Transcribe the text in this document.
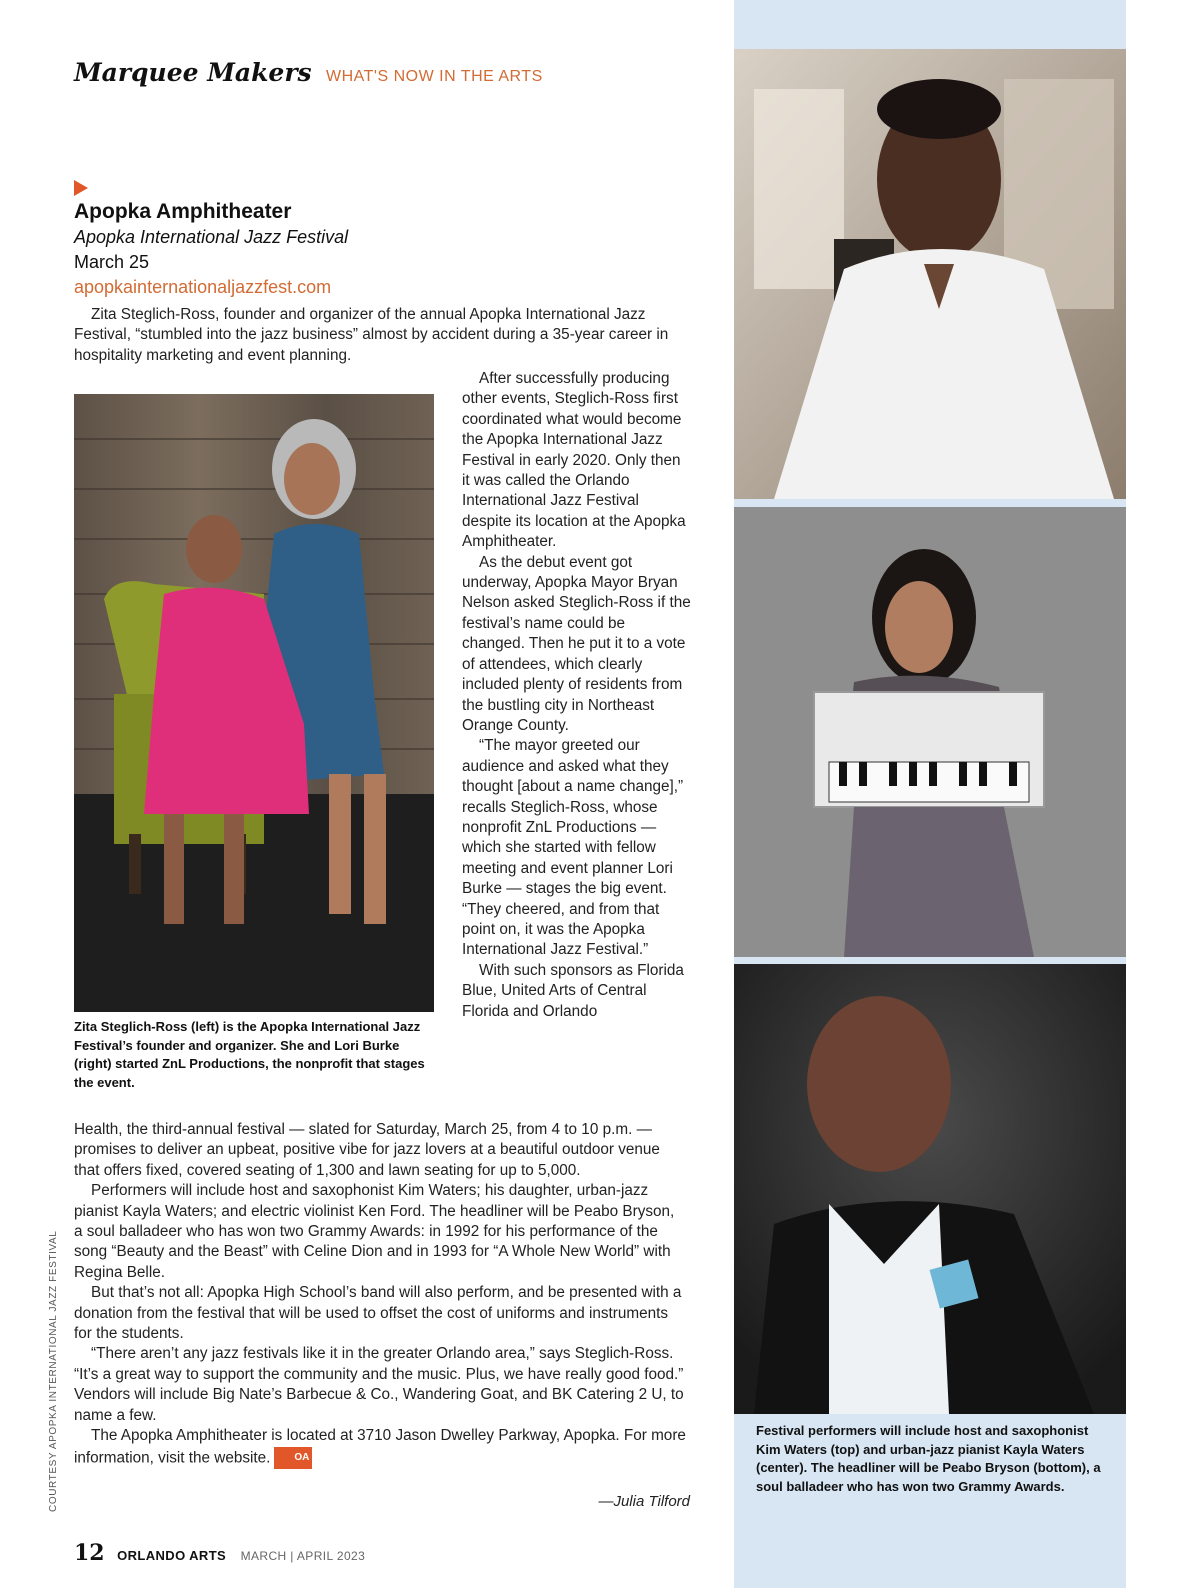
Marquee Makers WHAT'S NOW IN THE ARTS
Apopka Amphitheater
Apopka International Jazz Festival
March 25
apopkainternationaljazzfest.com

Zita Steglich-Ross, founder and organizer of the annual Apopka International Jazz Festival, “stumbled into the jazz business” almost by accident during a 35-year career in hospitality marketing and event planning.

After successfully producing other events, Steglich-Ross first coordinated what would become the Apopka International Jazz Festival in early 2020. Only then it was called the Orlando International Jazz Festival despite its location at the Apopka Amphitheater.

As the debut event got underway, Apopka Mayor Bryan Nelson asked Steglich-Ross if the festival’s name could be changed. Then he put it to a vote of attendees, which clearly included plenty of residents from the bustling city in Northeast Orange County.

“The mayor greeted our audience and asked what they thought [about a name change],” recalls Steglich-Ross, whose nonprofit ZnL Productions — which she started with fellow meeting and event planner Lori Burke — stages the big event. “They cheered, and from that point on, it was the Apopka International Jazz Festival.”

With such sponsors as Florida Blue, United Arts of Central Florida and Orlando

Zita Steglich-Ross (left) is the Apopka International Jazz Festival’s founder and organizer. She and Lori Burke (right) started ZnL Productions, the nonprofit that stages the event.

Health, the third-annual festival — slated for Saturday, March 25, from 4 to 10 p.m. — promises to deliver an upbeat, positive vibe for jazz lovers at a beautiful outdoor venue that offers fixed, covered seating of 1,300 and lawn seating for up to 5,000.

Performers will include host and saxophonist Kim Waters; his daughter, urban-jazz pianist Kayla Waters; and electric violinist Ken Ford. The headliner will be Peabo Bryson, a soul balladeer who has won two Grammy Awards: in 1992 for his performance of the song “Beauty and the Beast” with Celine Dion and in 1993 for “A Whole New World” with Regina Belle.

But that’s not all: Apopka High School’s band will also perform, and be presented with a donation from the festival that will be used to offset the cost of uniforms and instruments for the students.

“There aren’t any jazz festivals like it in the greater Orlando area,” says Steglich-Ross. “It’s a great way to support the community and the music. Plus, we have really good food.” Vendors will include Big Nate’s Barbecue & Co., Wandering Goat, and BK Catering 2 U, to name a few.

The Apopka Amphitheater is located at 3710 Jason Dwelley Parkway, Apopka. For more information, visit the website. OA

—Julia Tilford
Festival performers will include host and saxophonist Kim Waters (top) and urban-jazz pianist Kayla Waters (center). The headliner will be Peabo Bryson (bottom), a soul balladeer who has won two Grammy Awards.
COURTESY APOPKA INTERNATIONAL JAZZ FESTIVAL
12 ORLANDO ARTS MARCH | APRIL 2023
